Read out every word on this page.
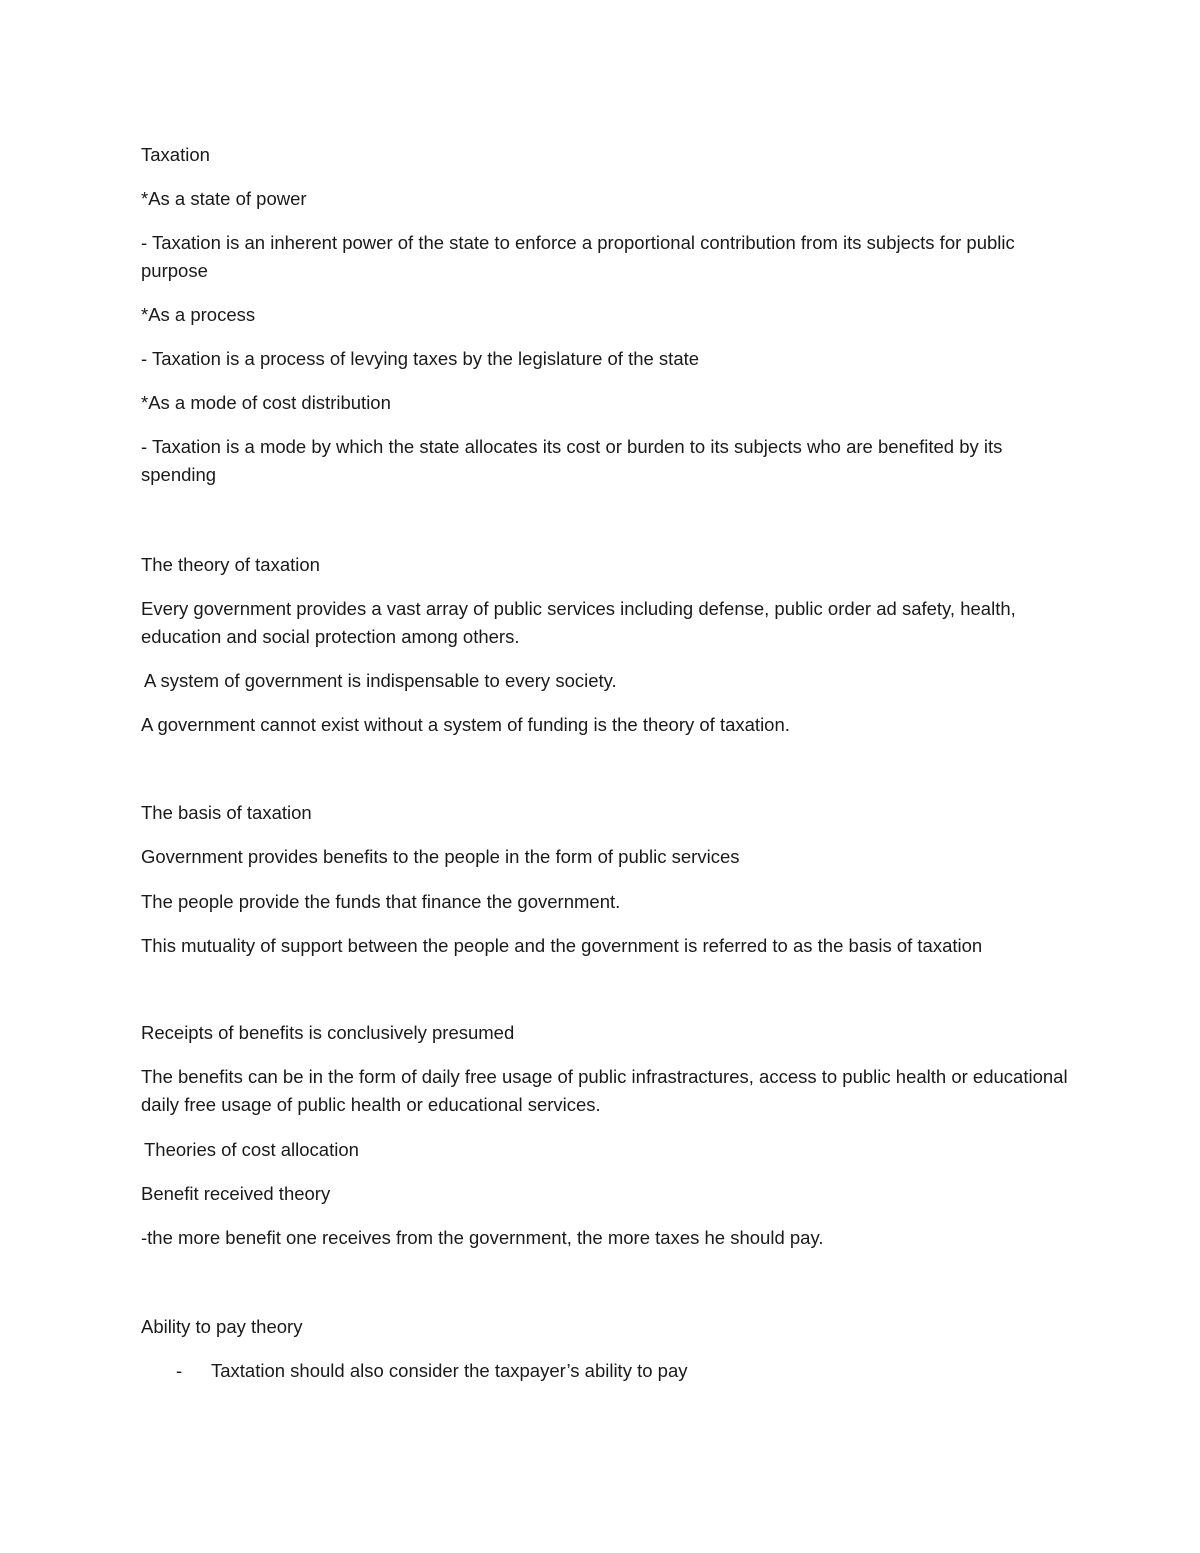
Taxation
*As a state of power
- Taxation is an inherent power of the state to enforce a proportional contribution from its subjects for public purpose
*As a process
- Taxation is a process of levying taxes by the legislature of the state
*As a mode of cost distribution
- Taxation is a mode by which the state allocates its cost or burden to its subjects who are benefited by its spending
The theory of taxation
Every government provides a vast array of public services including defense, public order ad safety, health, education and social protection among others.
A system of government is indispensable to every society.
A government cannot exist without a system of funding is the theory of taxation.
The basis of taxation
Government provides benefits to the people in the form of public services
The people provide the funds that finance the government.
This mutuality of support between the people and the government is referred to as the basis of taxation
Receipts of benefits is conclusively presumed
The benefits can be in the form of daily free usage of public infrastractures, access to public health or educational daily free usage of public health or educational services.
Theories of cost allocation
Benefit received theory
-the more benefit one receives from the government, the more taxes he should pay.
Ability to pay theory
- Taxtation should also consider the taxpayer’s ability to pay
